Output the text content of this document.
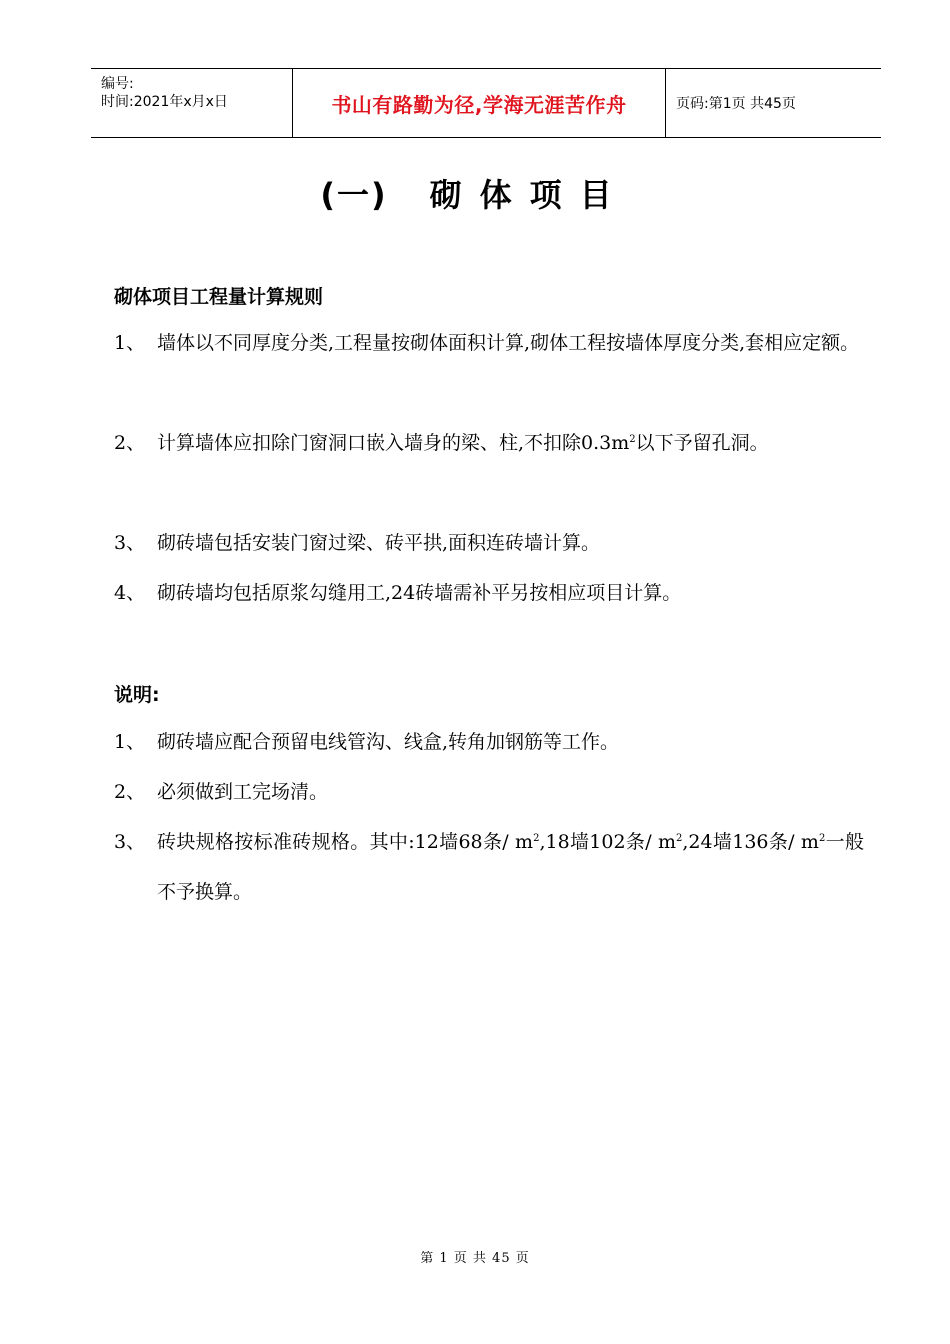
编号:
时间:2021年x月x日	书山有路勤为径,学海无涯苦作舟	页码:第1页 共45页
(一) 砌体项目
砌体项目工程量计算规则
1、 墙体以不同厚度分类,工程量按砌体面积计算,砌体工程按墙体厚度分类,套相应定额。
2、 计算墙体应扣除门窗洞口嵌入墙身的梁、柱,不扣除$0.3m^2$以下予留孔洞。
3、 砌砖墙包括安装门窗过梁、砖平拱,面积连砖墙计算。
4、 砌砖墙均包括原浆勾缝用工,24砖墙需补平另按相应项目计算。
说明:
1、 砌砖墙应配合预留电线管沟、线盒,转角加钢筋等工作。
2、 必须做到工完场清。
3、 砖块规格按标准砖规格。其中:12墙68条/ $m^2,18$墙102条/ $m^2,24$墙136条/ $m^2$一般不予换算。
第 1 页 共 45 页
